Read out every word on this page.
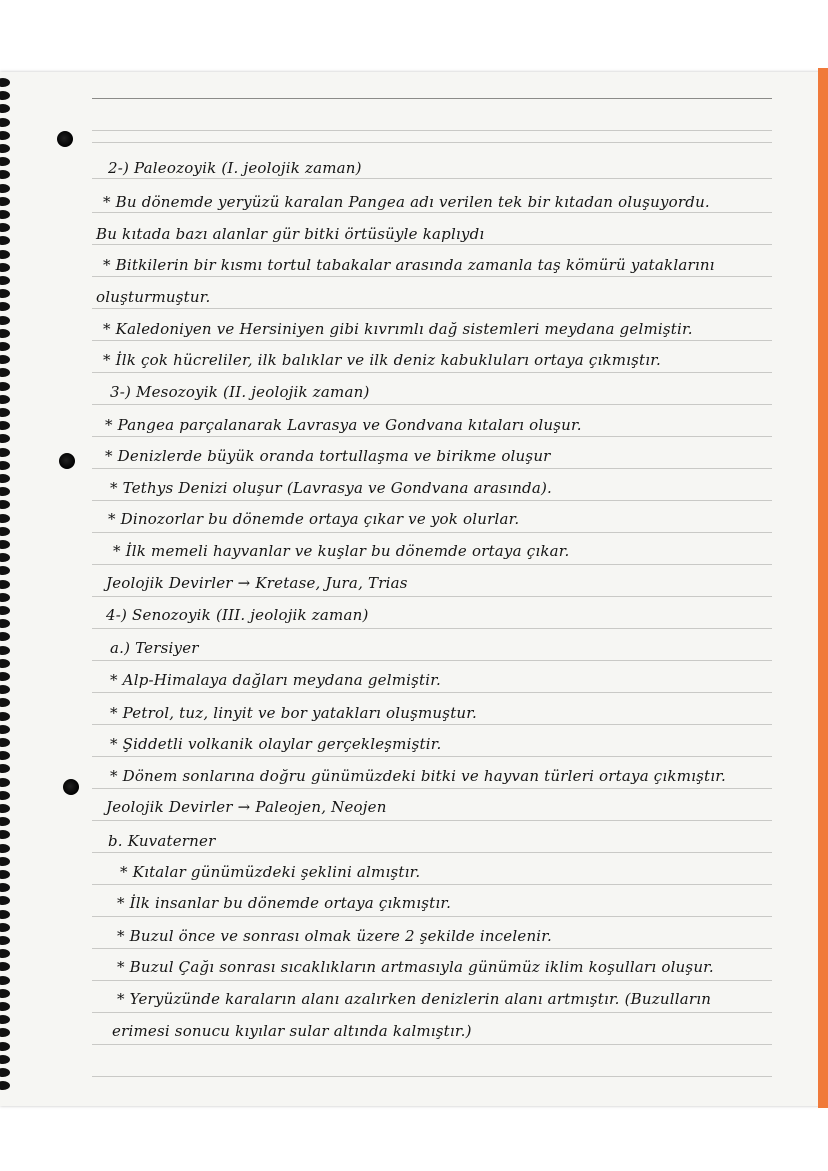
2-) Paleozoyik (I. jeolojik zaman)
* Bu dönemde yeryüzü karalan Pangea adı verilen tek bir kıtadan oluşuyordu.
Bu kıtada bazı alanlar gür bitki örtüsüyle kaplıydı
* Bitkilerin bir kısmı tortul tabakalar arasında zamanla taş kömürü yataklarını
oluşturmuştur.
* Kaledoniyen ve Hersiniyen gibi kıvrımlı dağ sistemleri meydana gelmiştir.
* İlk çok hücreliler, ilk balıklar ve ilk deniz kabukluları ortaya çıkmıştır.
3-) Mesozoyik (II. jeolojik zaman)
* Pangea parçalanarak Lavrasya ve Gondvana kıtaları oluşur.
* Denizlerde büyük oranda tortullaşma ve birikme oluşur
* Tethys Denizi oluşur (Lavrasya ve Gondvana arasında).
* Dinozorlar bu dönemde ortaya çıkar ve yok olurlar.
* İlk memeli hayvanlar ve kuşlar bu dönemde ortaya çıkar.
Jeolojik Devirler → Kretase, Jura, Trias
4-) Senozoyik (III. jeolojik zaman)
a.) Tersiyer
* Alp-Himalaya dağları meydana gelmiştir.
* Petrol, tuz, linyit ve bor yatakları oluşmuştur.
* Şiddetli volkanik olaylar gerçekleşmiştir.
* Dönem sonlarına doğru günümüzdeki bitki ve hayvan türleri ortaya çıkmıştır.
Jeolojik Devirler → Paleojen, Neojen
b. Kuvaterner
* Kıtalar günümüzdeki şeklini almıştır.
* İlk insanlar bu dönemde ortaya çıkmıştır.
* Buzul önce ve sonrası olmak üzere 2 şekilde incelenir.
* Buzul Çağı sonrası sıcaklıkların artmasıyla günümüz iklim koşulları oluşur.
* Yeryüzünde karaların alanı azalırken denizlerin alanı artmıştır. (Buzulların
erimesi sonucu kıyılar sular altında kalmıştır.)
